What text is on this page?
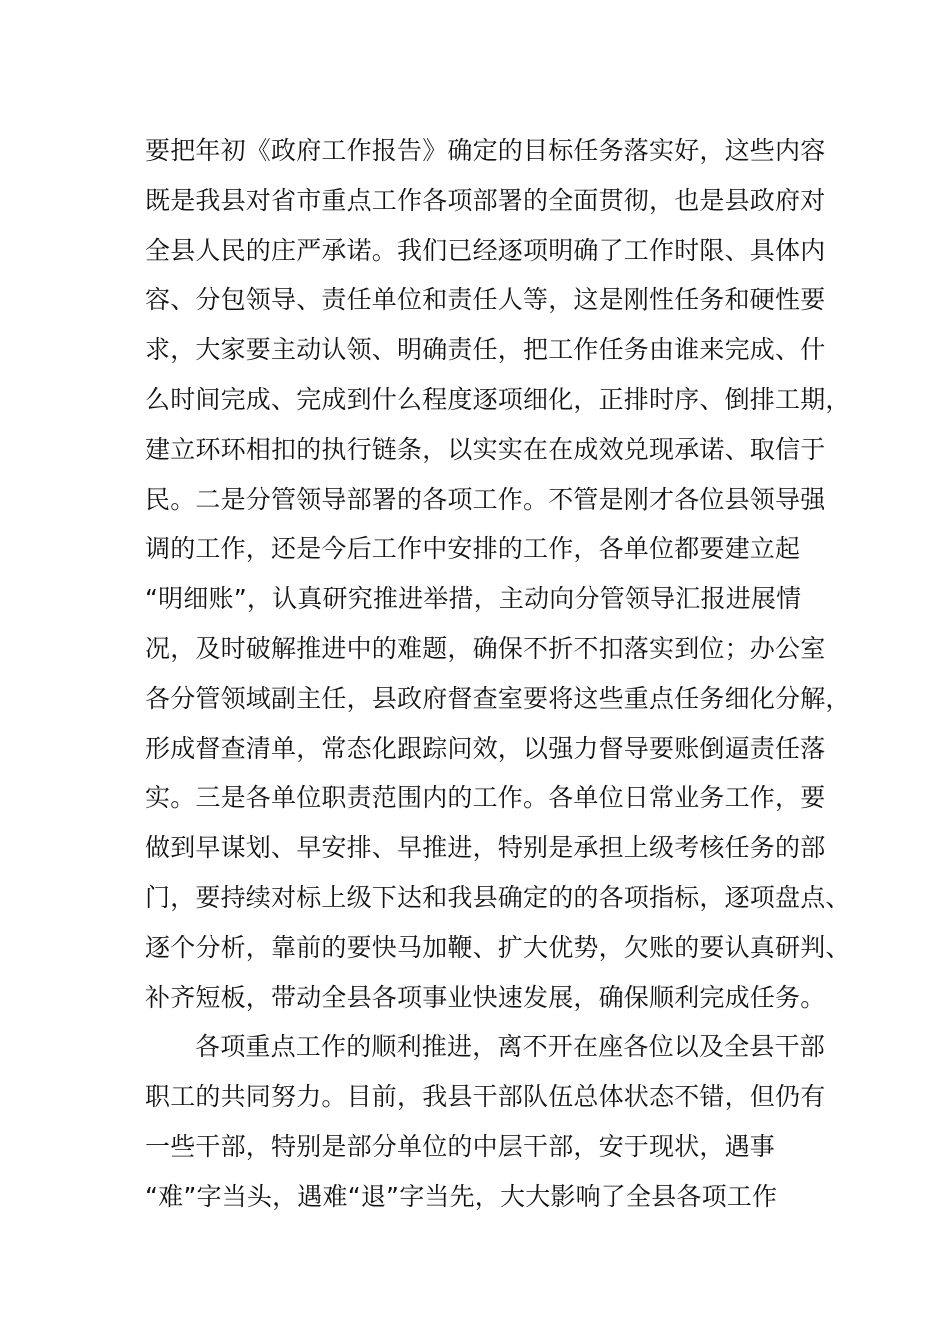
要把年初《政府工作报告》确定的目标任务落实好，这些内容
既是我县对省市重点工作各项部署的全面贯彻，也是县政府对
全县人民的庄严承诺。我们已经逐项明确了工作时限、具体内
容、分包领导、责任单位和责任人等，这是刚性任务和硬性要
求，大家要主动认领、明确责任，把工作任务由谁来完成、什
么时间完成、完成到什么程度逐项细化，正排时序、倒排工期，
建立环环相扣的执行链条，以实实在在成效兑现承诺、取信于
民。二是分管领导部署的各项工作。不管是刚才各位县领导强
调的工作，还是今后工作中安排的工作，各单位都要建立起
“明细账”，认真研究推进举措，主动向分管领导汇报进展情
况，及时破解推进中的难题，确保不折不扣落实到位；办公室
各分管领域副主任，县政府督查室要将这些重点任务细化分解，
形成督查清单，常态化跟踪问效，以强力督导要账倒逼责任落
实。三是各单位职责范围内的工作。各单位日常业务工作，要
做到早谋划、早安排、早推进，特别是承担上级考核任务的部
门，要持续对标上级下达和我县确定的的各项指标，逐项盘点、
逐个分析，靠前的要快马加鞭、扩大优势，欠账的要认真研判、
补齐短板，带动全县各项事业快速发展，确保顺利完成任务。
各项重点工作的顺利推进，离不开在座各位以及全县干部
职工的共同努力。目前，我县干部队伍总体状态不错，但仍有
一些干部，特别是部分单位的中层干部，安于现状，遇事
“难”字当头，遇难“退”字当先，大大影响了全县各项工作
